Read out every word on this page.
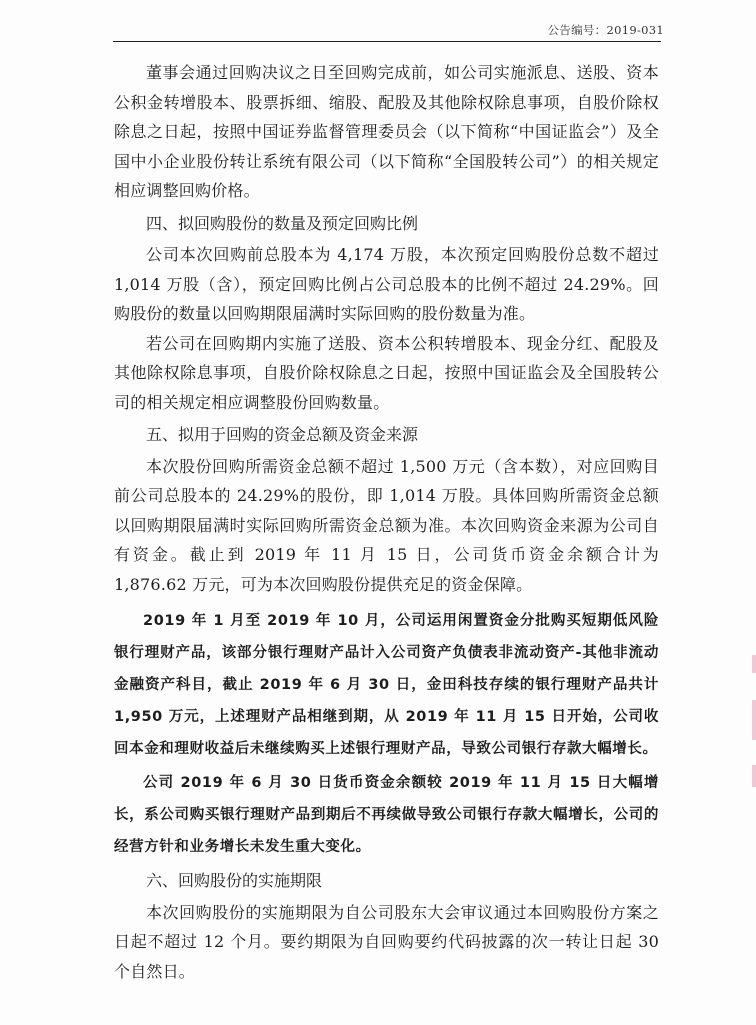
公告编号：2019-031

董事会通过回购决议之日至回购完成前，如公司实施派息、送股、资本公积金转增股本、股票拆细、缩股、配股及其他除权除息事项，自股价除权除息之日起，按照中国证券监督管理委员会（以下简称“中国证监会”）及全国中小企业股份转让系统有限公司（以下简称“全国股转公司”）的相关规定相应调整回购价格。

四、拟回购股份的数量及预定回购比例

公司本次回购前总股本为 4,174 万股，本次预定回购股份总数不超过 1,014 万股（含），预定回购比例占公司总股本的比例不超过 24.29%。回购股份的数量以回购期限届满时实际回购的股份数量为准。

若公司在回购期内实施了送股、资本公积转增股本、现金分红、配股及其他除权除息事项，自股价除权除息之日起，按照中国证监会及全国股转公司的相关规定相应调整股份回购数量。

五、拟用于回购的资金总额及资金来源

本次股份回购所需资金总额不超过 1,500 万元（含本数），对应回购目前公司总股本的 24.29%的股份，即 1,014 万股。具体回购所需资金总额以回购期限届满时实际回购所需资金总额为准。本次回购资金来源为公司自有资金。截止到 2019 年 11 月 15 日，公司货币资金余额合计为 1,876.62 万元，可为本次回购股份提供充足的资金保障。

2019 年 1 月至 2019 年 10 月，公司运用闲置资金分批购买短期低风险银行理财产品，该部分银行理财产品计入公司资产负债表非流动资产-其他非流动金融资产科目，截止 2019 年 6 月 30 日，金田科技存续的银行理财产品共计 1,950 万元，上述理财产品相继到期，从 2019 年 11 月 15 日开始，公司收回本金和理财收益后未继续购买上述银行理财产品，导致公司银行存款大幅增长。

公司 2019 年 6 月 30 日货币资金余额较 2019 年 11 月 15 日大幅增长，系公司购买银行理财产品到期后不再续做导致公司银行存款大幅增长，公司的经营方针和业务增长未发生重大变化。

六、回购股份的实施期限

本次回购股份的实施期限为自公司股东大会审议通过本回购股份方案之日起不超过 12 个月。要约期限为自回购要约代码披露的次一转让日起 30 个自然日。
